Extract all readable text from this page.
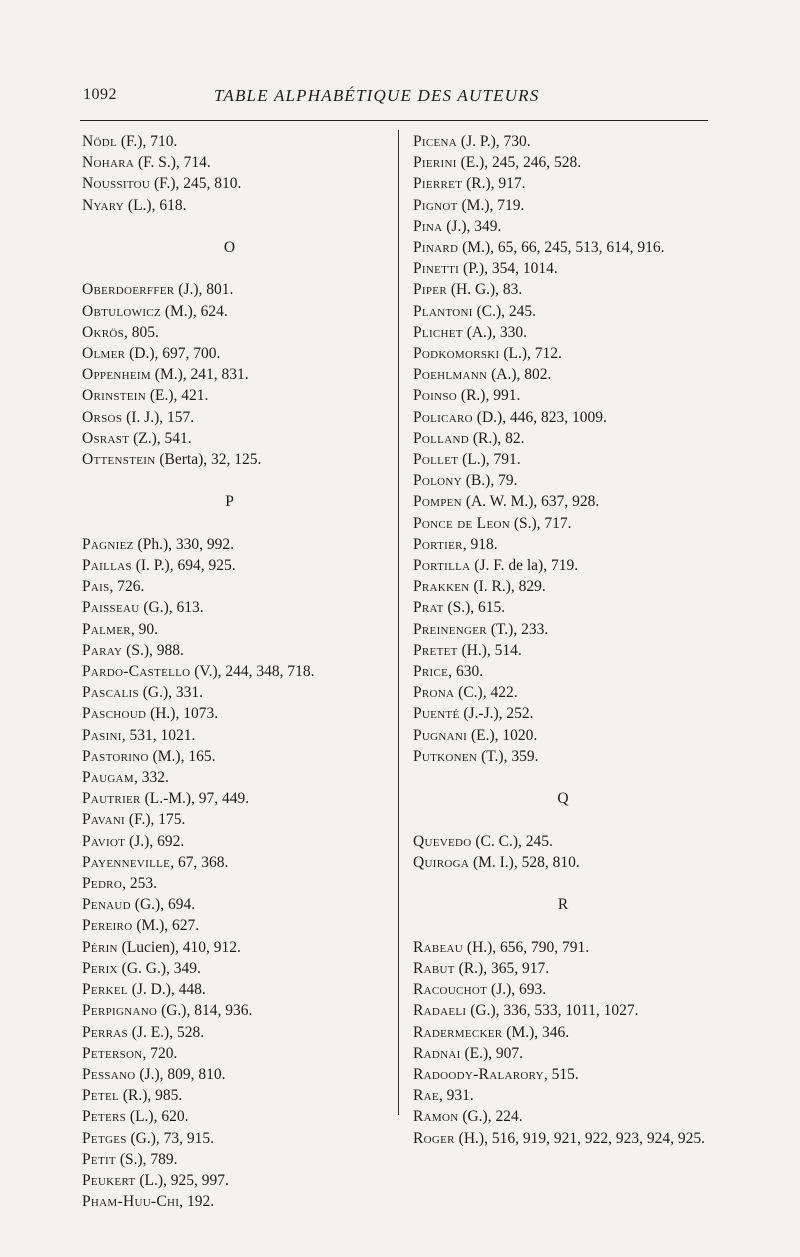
1092	TABLE ALPHABÉTIQUE DES AUTEURS

Nödl (F.), 710.

Nohara (F. S.), 714.

Noussitou (F.), 245, 810.

Nyary (L.), 618.

O

Oberdoerffer (J.), 801.

Obtulowicz (M.), 624.

Okrös, 805.

Olmer (D.), 697, 700.

Oppenheim (M.), 241, 831.

Orinstein (E.), 421.

Orsos (I. J.), 157.

Osrast (Z.), 541.

Ottenstein (Berta), 32, 125.

P

Pagniez (Ph.), 330, 992.

Paillas (I. P.), 694, 925.

Pais, 726.

Paisseau (G.), 613.

Palmer, 90.

Paray (S.), 988.

Pardo-Castello (V.), 244, 348, 718.

Pascalis (G.), 331.

Paschoud (H.), 1073.

Pasini, 531, 1021.

Pastorino (M.), 165.

Paugam, 332.

Pautrier (L.-M.), 97, 449.

Pavani (F.), 175.

Paviot (J.), 692.

Payenneville, 67, 368.

Pedro, 253.

Penaud (G.), 694.

Pereiro (M.), 627.

Périn (Lucien), 410, 912.

Perix (G. G.), 349.

Perkel (J. D.), 448.

Perpignano (G.), 814, 936.

Perras (J. E.), 528.

Peterson, 720.

Pessano (J.), 809, 810.

Petel (R.), 985.

Peters (L.), 620.

Petges (G.), 73, 915.

Petit (S.), 789.

Peukert (L.), 925, 997.

Pham-Huu-Chi, 192.

Picena (J. P.), 730.

Pierini (E.), 245, 246, 528.

Pierret (R.), 917.

Pignot (M.), 719.

Pina (J.), 349.

Pinard (M.), 65, 66, 245, 513, 614, 916.

Pinetti (P.), 354, 1014.

Piper (H. G.), 83.

Plantoni (C.), 245.

Plichet (A.), 330.

Podkomorski (L.), 712.

Poehlmann (A.), 802.

Poinso (R.), 991.

Policaro (D.), 446, 823, 1009.

Polland (R.), 82.

Pollet (L.), 791.

Polony (B.), 79.

Pompen (A. W. M.), 637, 928.

Ponce de Leon (S.), 717.

Portier, 918.

Portilla (J. F. de la), 719.

Prakken (I. R.), 829.

Prat (S.), 615.

Preinenger (T.), 233.

Pretet (H.), 514.

Price, 630.

Prona (C.), 422.

Puenté (J.-J.), 252.

Pugnani (E.), 1020.

Putkonen (T.), 359.

Q

Quevedo (C. C.), 245.

Quiroga (M. I.), 528, 810.

R

Rabeau (H.), 656, 790, 791.

Rabut (R.), 365, 917.

Racouchot (J.), 693.

Radaeli (G.), 336, 533, 1011, 1027.

Radermecker (M.), 346.

Radnai (E.), 907.

Radoody-Ralarory, 515.

Rae, 931.

Ramon (G.), 224.

Roger (H.), 516, 919, 921, 922, 923, 924, 925.
